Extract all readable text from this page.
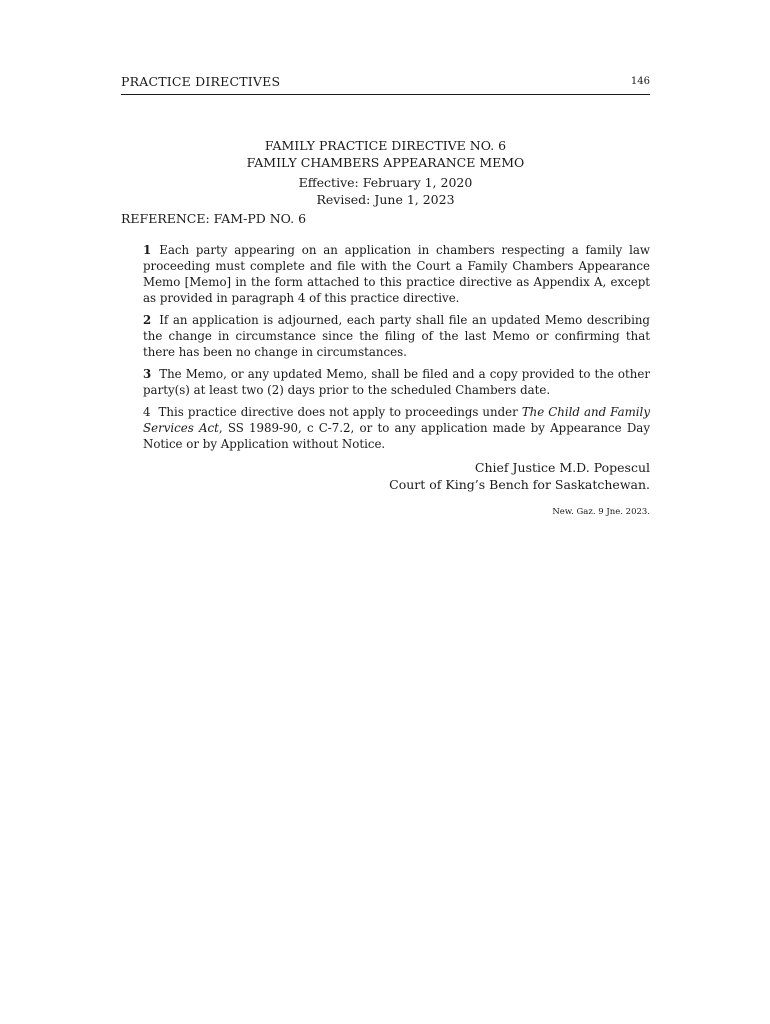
PRACTICE DIRECTIVES	146
FAMILY PRACTICE DIRECTIVE NO. 6
FAMILY CHAMBERS APPEARANCE MEMO
Effective: February 1, 2020
Revised: June 1, 2023
REFERENCE: FAM-PD NO. 6

1 Each party appearing on an application in chambers respecting a family law proceeding must complete and file with the Court a Family Chambers Appearance Memo [Memo] in the form attached to this practice directive as Appendix A, except as provided in paragraph 4 of this practice directive.

2 If an application is adjourned, each party shall file an updated Memo describing the change in circumstance since the filing of the last Memo or confirming that there has been no change in circumstances.

3 The Memo, or any updated Memo, shall be filed and a copy provided to the other party(s) at least two (2) days prior to the scheduled Chambers date.

4 This practice directive does not apply to proceedings under The Child and Family Services Act, SS 1989-90, c C-7.2, or to any application made by Appearance Day Notice or by Application without Notice.

Chief Justice M.D. Popescul
Court of King’s Bench for Saskatchewan.
New. Gaz. 9 Jne. 2023.
